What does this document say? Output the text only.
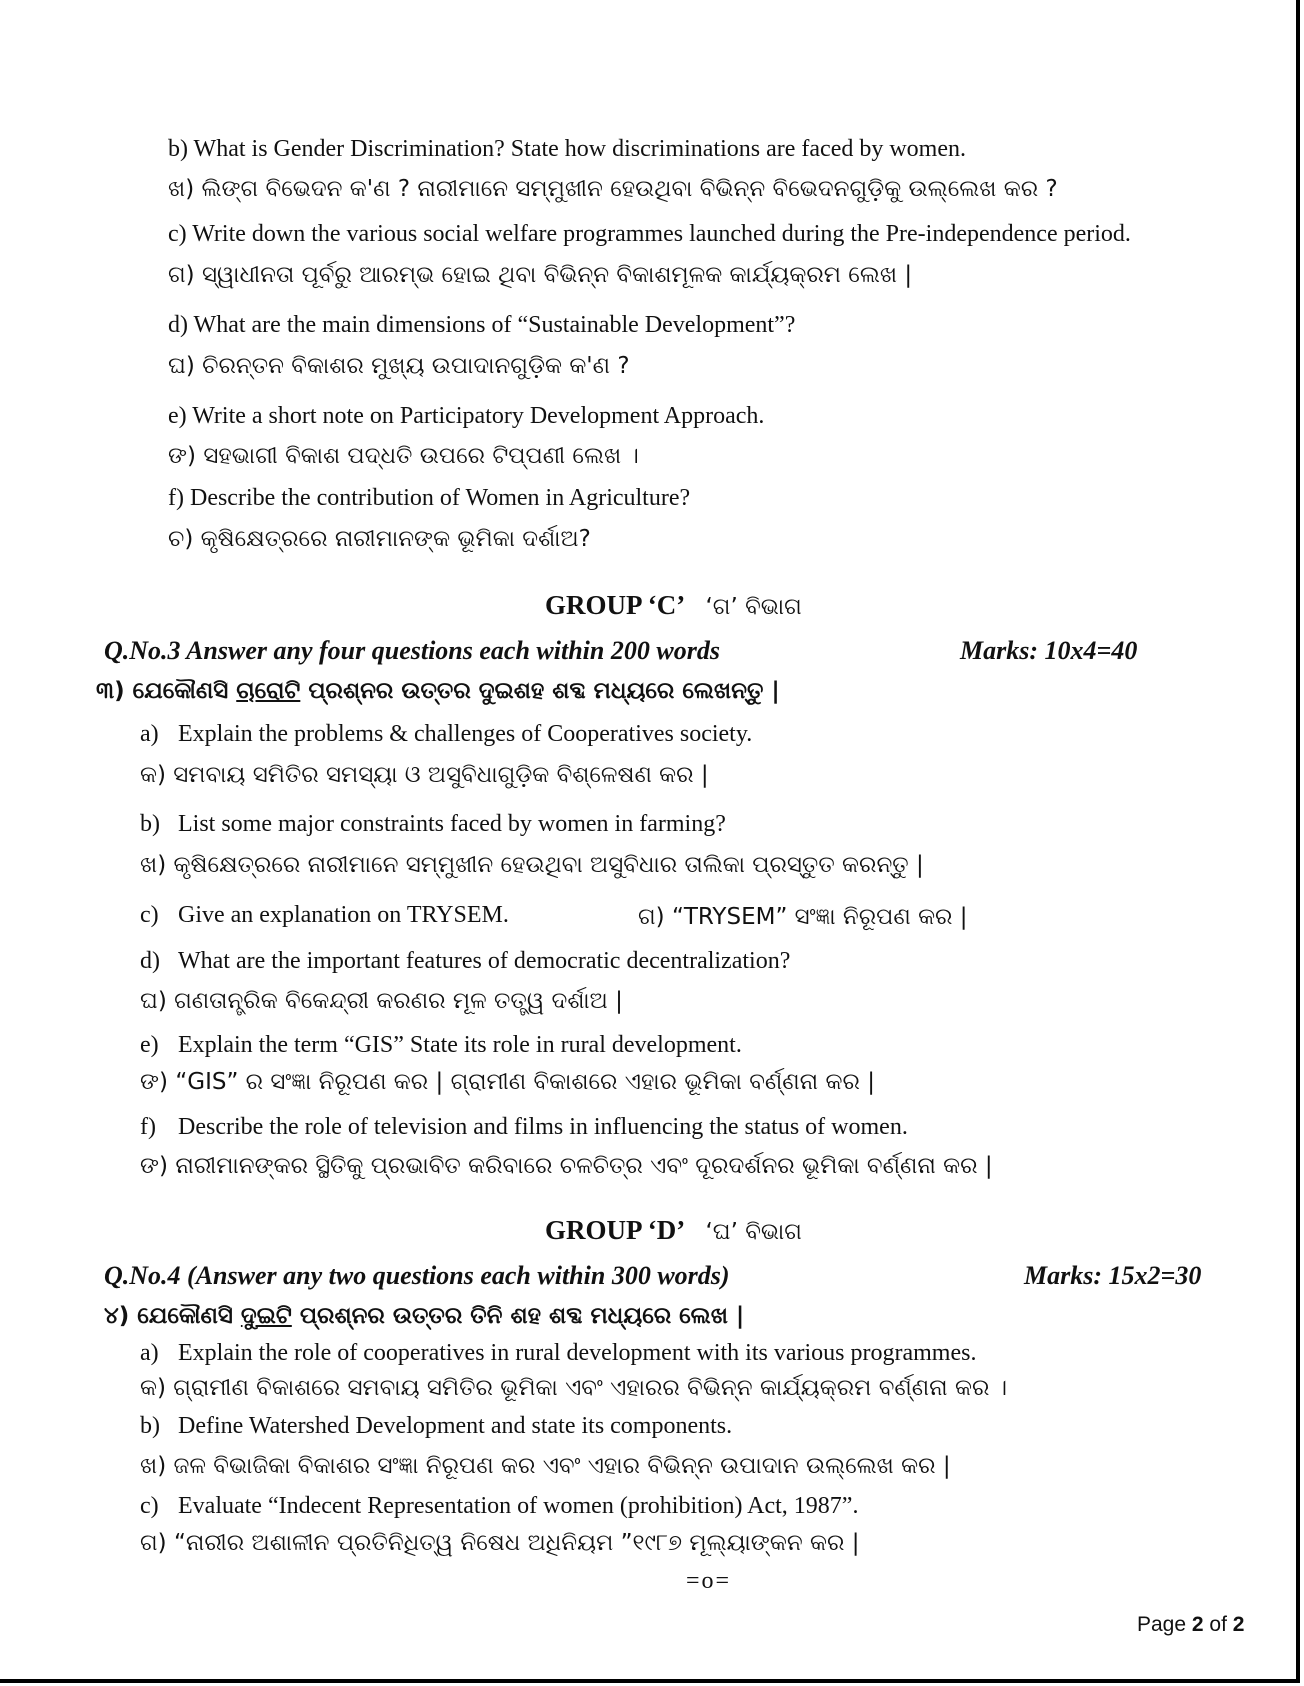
b) What is Gender Discrimination? State how discriminations are faced by women.
ଖ) ଲିଙ୍ଗ ବିଭେଦନ କ'ଣ ? ନାରୀମାନେ ସମ୍ମୁଖୀନ ହେଉଥିବା ବିଭିନ୍ନ ବିଭେଦନଗୁଡ଼ିକୁ ଉଲ୍ଲେଖ କର ?
c) Write down the various social welfare programmes launched during the Pre-independence period.
ଗ) ସ୍ୱାଧୀନତା ପୂର୍ବରୁ ଆରମ୍ଭ ହୋଇ ଥିବା ବିଭିନ୍ନ ବିକାଶମୂଳକ କାର୍ଯ୍ୟକ୍ରମ ଲେଖ |
d) What are the main dimensions of “Sustainable Development”?
ଘ) ଚିରନ୍ତନ ବିକାଶର ମୁଖ୍ୟ ଉପାଦାନଗୁଡ଼ିକ କ'ଣ ?
e) Write a short note on Participatory Development Approach.
ଙ) ସହଭାଗୀ ବିକାଶ ପଦ୍ଧତି ଉପରେ ଟିପ୍ପଣୀ ଲେଖ ।
f) Describe the contribution of Women in Agriculture?
ଚ) କୃଷିକ୍ଷେତ୍ରରେ ନାରୀମାନଙ୍କ ଭୂମିକା ଦର୍ଶାଅ?
GROUP ‘C’ ‘ଗ’ ବିଭାଗ
Q.No.3 Answer any four questions each within 200 words	Marks: 10x4=40
୩) ଯେକୌଣସି ଚାରୋଟି ପ୍ରଶ୍ନର ଉତ୍ତର ଦୁଇଶହ ଶବ୍ଦ ମଧ୍ୟରେ ଲେଖନ୍ତୁ |
a) Explain the problems & challenges of Cooperatives society.
କ) ସମବାୟ ସମିତିର ସମସ୍ୟା ଓ ଅସୁବିଧାଗୁଡ଼ିକ ବିଶ୍ଳେଷଣ କର |
b) List some major constraints faced by women in farming?
ଖ) କୃଷିକ୍ଷେତ୍ରରେ ନାରୀମାନେ ସମ୍ମୁଖୀନ ହେଉଥିବା ଅସୁବିଧାର ତାଲିକା ପ୍ରସ୍ତୁତ କରନ୍ତୁ |
c) Give an explanation on TRYSEM.	ଗ) “TRYSEM” ସଂଜ୍ଞା ନିରୂପଣ କର |
d) What are the important features of democratic decentralization?
ଘ) ଗଣତାନ୍ତ୍ରିକ ବିକେନ୍ଦ୍ରୀ କରଣର ମୂଳ ତତ୍ତ୍ୱ ଦର୍ଶାଅ |
e) Explain the term “GIS” State its role in rural development.
ଙ) “GIS” ର ସଂଜ୍ଞା ନିରୂପଣ କର | ଗ୍ରାମୀଣ ବିକାଶରେ ଏହାର ଭୂମିକା ବର୍ଣ୍ଣନା କର |
f) Describe the role of television and films in influencing the status of women.
ଙ) ନାରୀମାନଙ୍କର ସ୍ଥିତିକୁ ପ୍ରଭାବିତ କରିବାରେ ଚଳଚିତ୍ର ଏବଂ ଦୂରଦର୍ଶନର ଭୂମିକା ବର୍ଣ୍ଣନା କର |
GROUP ‘D’ ‘ଘ’ ବିଭାଗ
Q.No.4 (Answer any two questions each within 300 words)	Marks: 15x2=30
୪) ଯେକୌଣସି ଦୁଇଟି ପ୍ରଶ୍ନର ଉତ୍ତର ତିନି ଶହ ଶବ୍ଦ ମଧ୍ୟରେ ଲେଖ |
a) Explain the role of cooperatives in rural development with its various programmes.
କ) ଗ୍ରାମୀଣ ବିକାଶରେ ସମବାୟ ସମିତିର ଭୂମିକା ଏବଂ ଏହାରର ବିଭିନ୍ନ କାର୍ଯ୍ୟକ୍ରମ ବର୍ଣ୍ଣନା କର ।
b) Define Watershed Development and state its components.
ଖ) ଜଳ ବିଭାଜିକା ବିକାଶର ସଂଜ୍ଞା ନିରୂପଣ କର ଏବଂ ଏହାର ବିଭିନ୍ନ ଉପାଦାନ ଉଲ୍ଲେଖ କର |
c) Evaluate “Indecent Representation of women (prohibition) Act, 1987”.
ଗ) “ନାରୀର ଅଶାଳୀନ ପ୍ରତିନିଧିତ୍ୱ ନିଷେଧ ଅଧିନିୟମ ”୧୯୮୭ ମୂଲ୍ୟାଙ୍କନ କର |
=o=
Page 2 of 2
